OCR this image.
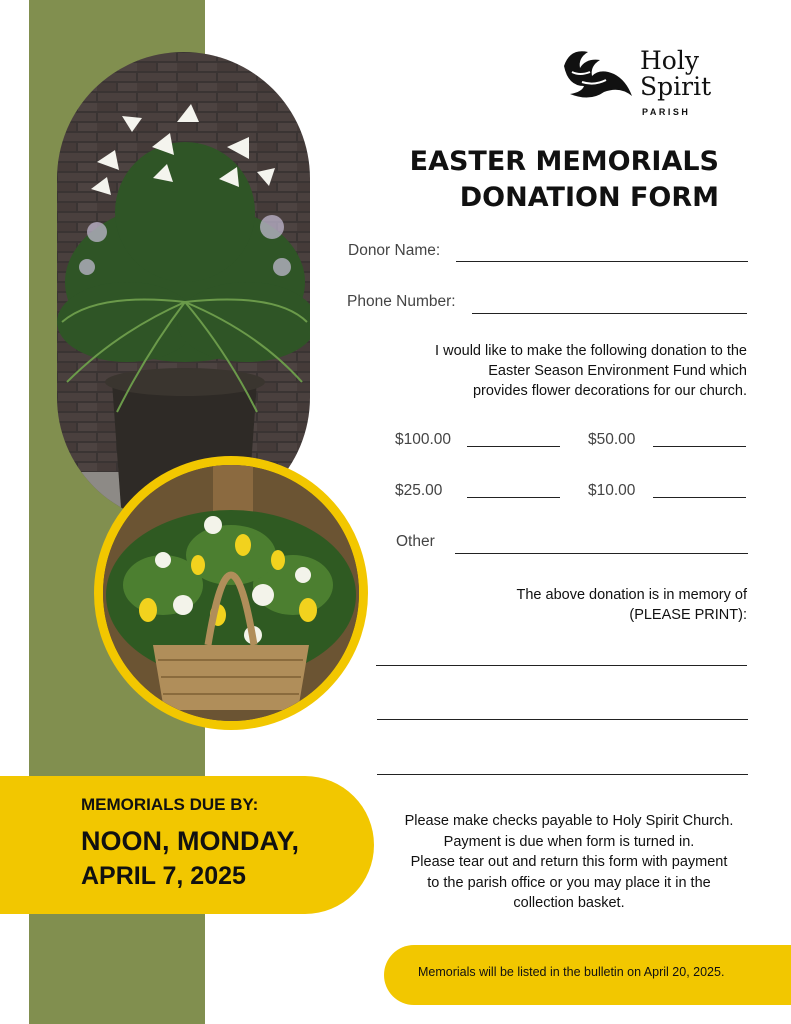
Holy
Spirit
PARISH
EASTER MEMORIALS
DONATION FORM
Donor Name:
Phone Number:
I would like to make the following donation to the
Easter Season Environment Fund which
provides flower decorations for our church.
$100.00	$50.00
$25.00	$10.00
Other
The above donation is in memory of
(PLEASE PRINT):
MEMORIALS DUE BY:
NOON, MONDAY,
APRIL 7, 2025
Please make checks payable to Holy Spirit Church.
Payment is due when form is turned in.
Please tear out and return this form with payment
to the parish office or you may place it in the
collection basket.
Memorials will be listed in the bulletin on April 20, 2025.
